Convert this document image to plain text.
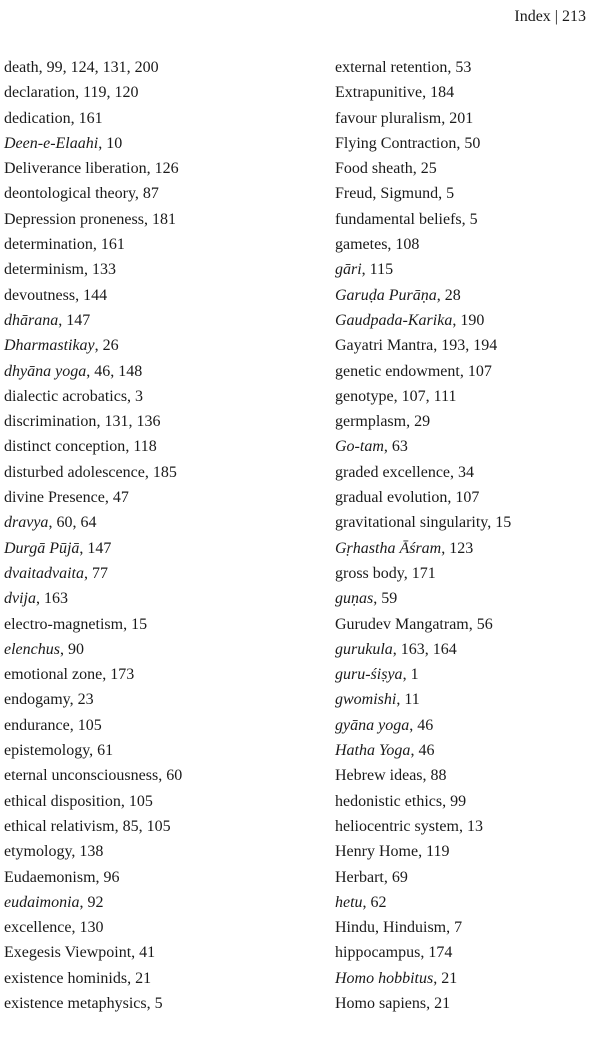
Index | 213
death, 99, 124, 131, 200
declaration, 119, 120
dedication, 161
Deen-e-Elaahi, 10
Deliverance liberation, 126
deontological theory, 87
Depression proneness, 181
determination, 161
determinism, 133
devoutness, 144
dhārana, 147
Dharmastikay, 26
dhyāna yoga, 46, 148
dialectic acrobatics, 3
discrimination, 131, 136
distinct conception, 118
disturbed adolescence, 185
divine Presence, 47
dravya, 60, 64
Durgā Pūjā, 147
dvaitadvaita, 77
dvija, 163
electro-magnetism, 15
elenchus, 90
emotional zone, 173
endogamy, 23
endurance, 105
epistemology, 61
eternal unconsciousness, 60
ethical disposition, 105
ethical relativism, 85, 105
etymology, 138
Eudaemonism, 96
eudaimonia, 92
excellence, 130
Exegesis Viewpoint, 41
existence hominids, 21
existence metaphysics, 5
external retention, 53
Extrapunitive, 184
favour pluralism, 201
Flying Contraction, 50
Food sheath, 25
Freud, Sigmund, 5
fundamental beliefs, 5
gametes, 108
gāri, 115
Garuḍa Purāṇa, 28
Gaudpada-Karika, 190
Gayatri Mantra, 193, 194
genetic endowment, 107
genotype, 107, 111
germplasm, 29
Go-tam, 63
graded excellence, 34
gradual evolution, 107
gravitational singularity, 15
Gṛhastha Āśram, 123
gross body, 171
guṇas, 59
Gurudev Mangatram, 56
gurukula, 163, 164
guru-śiṣya, 1
gwomishi, 11
gyāna yoga, 46
Hatha Yoga, 46
Hebrew ideas, 88
hedonistic ethics, 99
heliocentric system, 13
Henry Home, 119
Herbart, 69
hetu, 62
Hindu, Hinduism, 7
hippocampus, 174
Homo hobbitus, 21
Homo sapiens, 21
